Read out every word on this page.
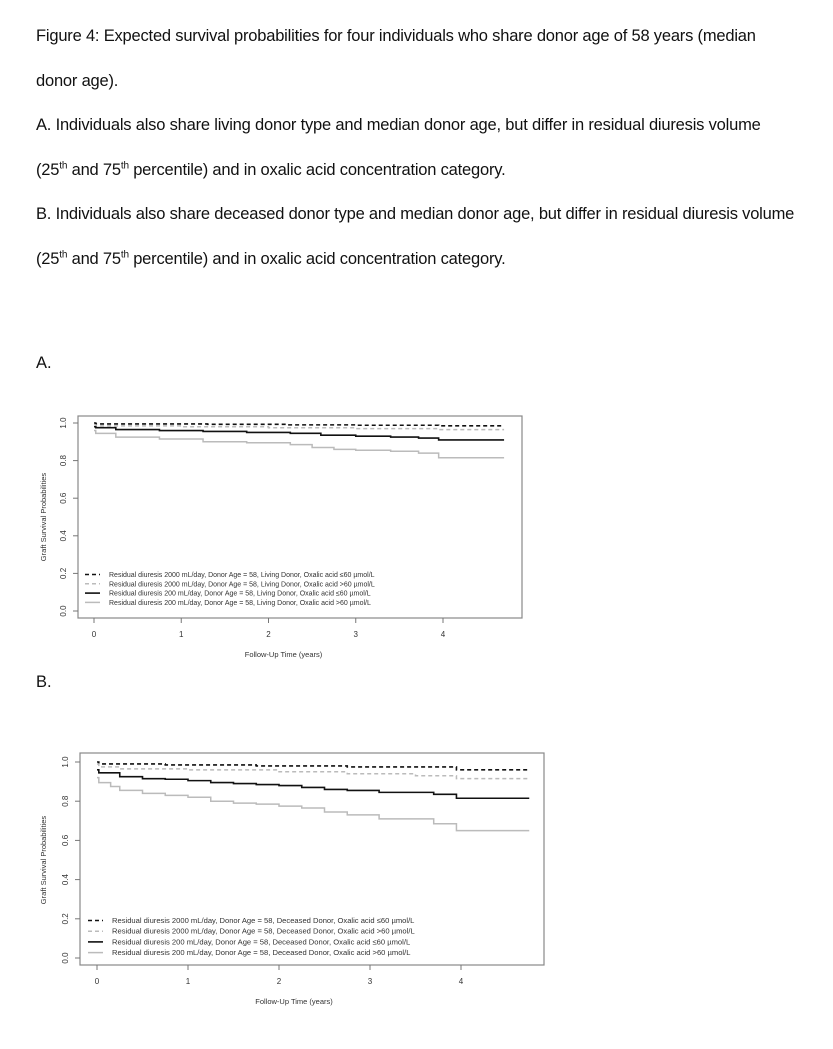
Figure 4: Expected survival probabilities for four individuals who share donor age of 58 years (median donor age).

A. Individuals also share living donor type and median donor age, but differ in residual diuresis volume (25th and 75th percentile) and in oxalic acid concentration category.

B. Individuals also share deceased donor type and median donor age, but differ in residual diuresis volume (25th and 75th percentile) and in oxalic acid concentration category.

A.
B.
0	1	2	3	4
0.0
0.2
0.4
0.6
0.8
1.0
Follow-Up Time (years)
Graft Survival Probabilities
Residual diuresis 2000 mL/day, Donor Age = 58, Living Donor, Oxalic acid ≤60 µmol/L
Residual diuresis 2000 mL/day, Donor Age = 58, Living Donor, Oxalic acid >60 µmol/L
Residual diuresis 200 mL/day, Donor Age = 58, Living Donor, Oxalic acid ≤60 µmol/L
Residual diuresis 200 mL/day, Donor Age = 58, Living Donor, Oxalic acid >60 µmol/L
0	1	2	3	4
0.0
0.2
0.4
0.6
0.8
1.0
Follow-Up Time (years)
Graft Survival Probabilities
Residual diuresis 2000 mL/day, Donor Age = 58, Deceased Donor, Oxalic acid ≤60 µmol/L
Residual diuresis 2000 mL/day, Donor Age = 58, Deceased Donor, Oxalic acid >60 µmol/L
Residual diuresis 200 mL/day, Donor Age = 58, Deceased Donor, Oxalic acid ≤60 µmol/L
Residual diuresis 200 mL/day, Donor Age = 58, Deceased Donor, Oxalic acid >60 µmol/L
